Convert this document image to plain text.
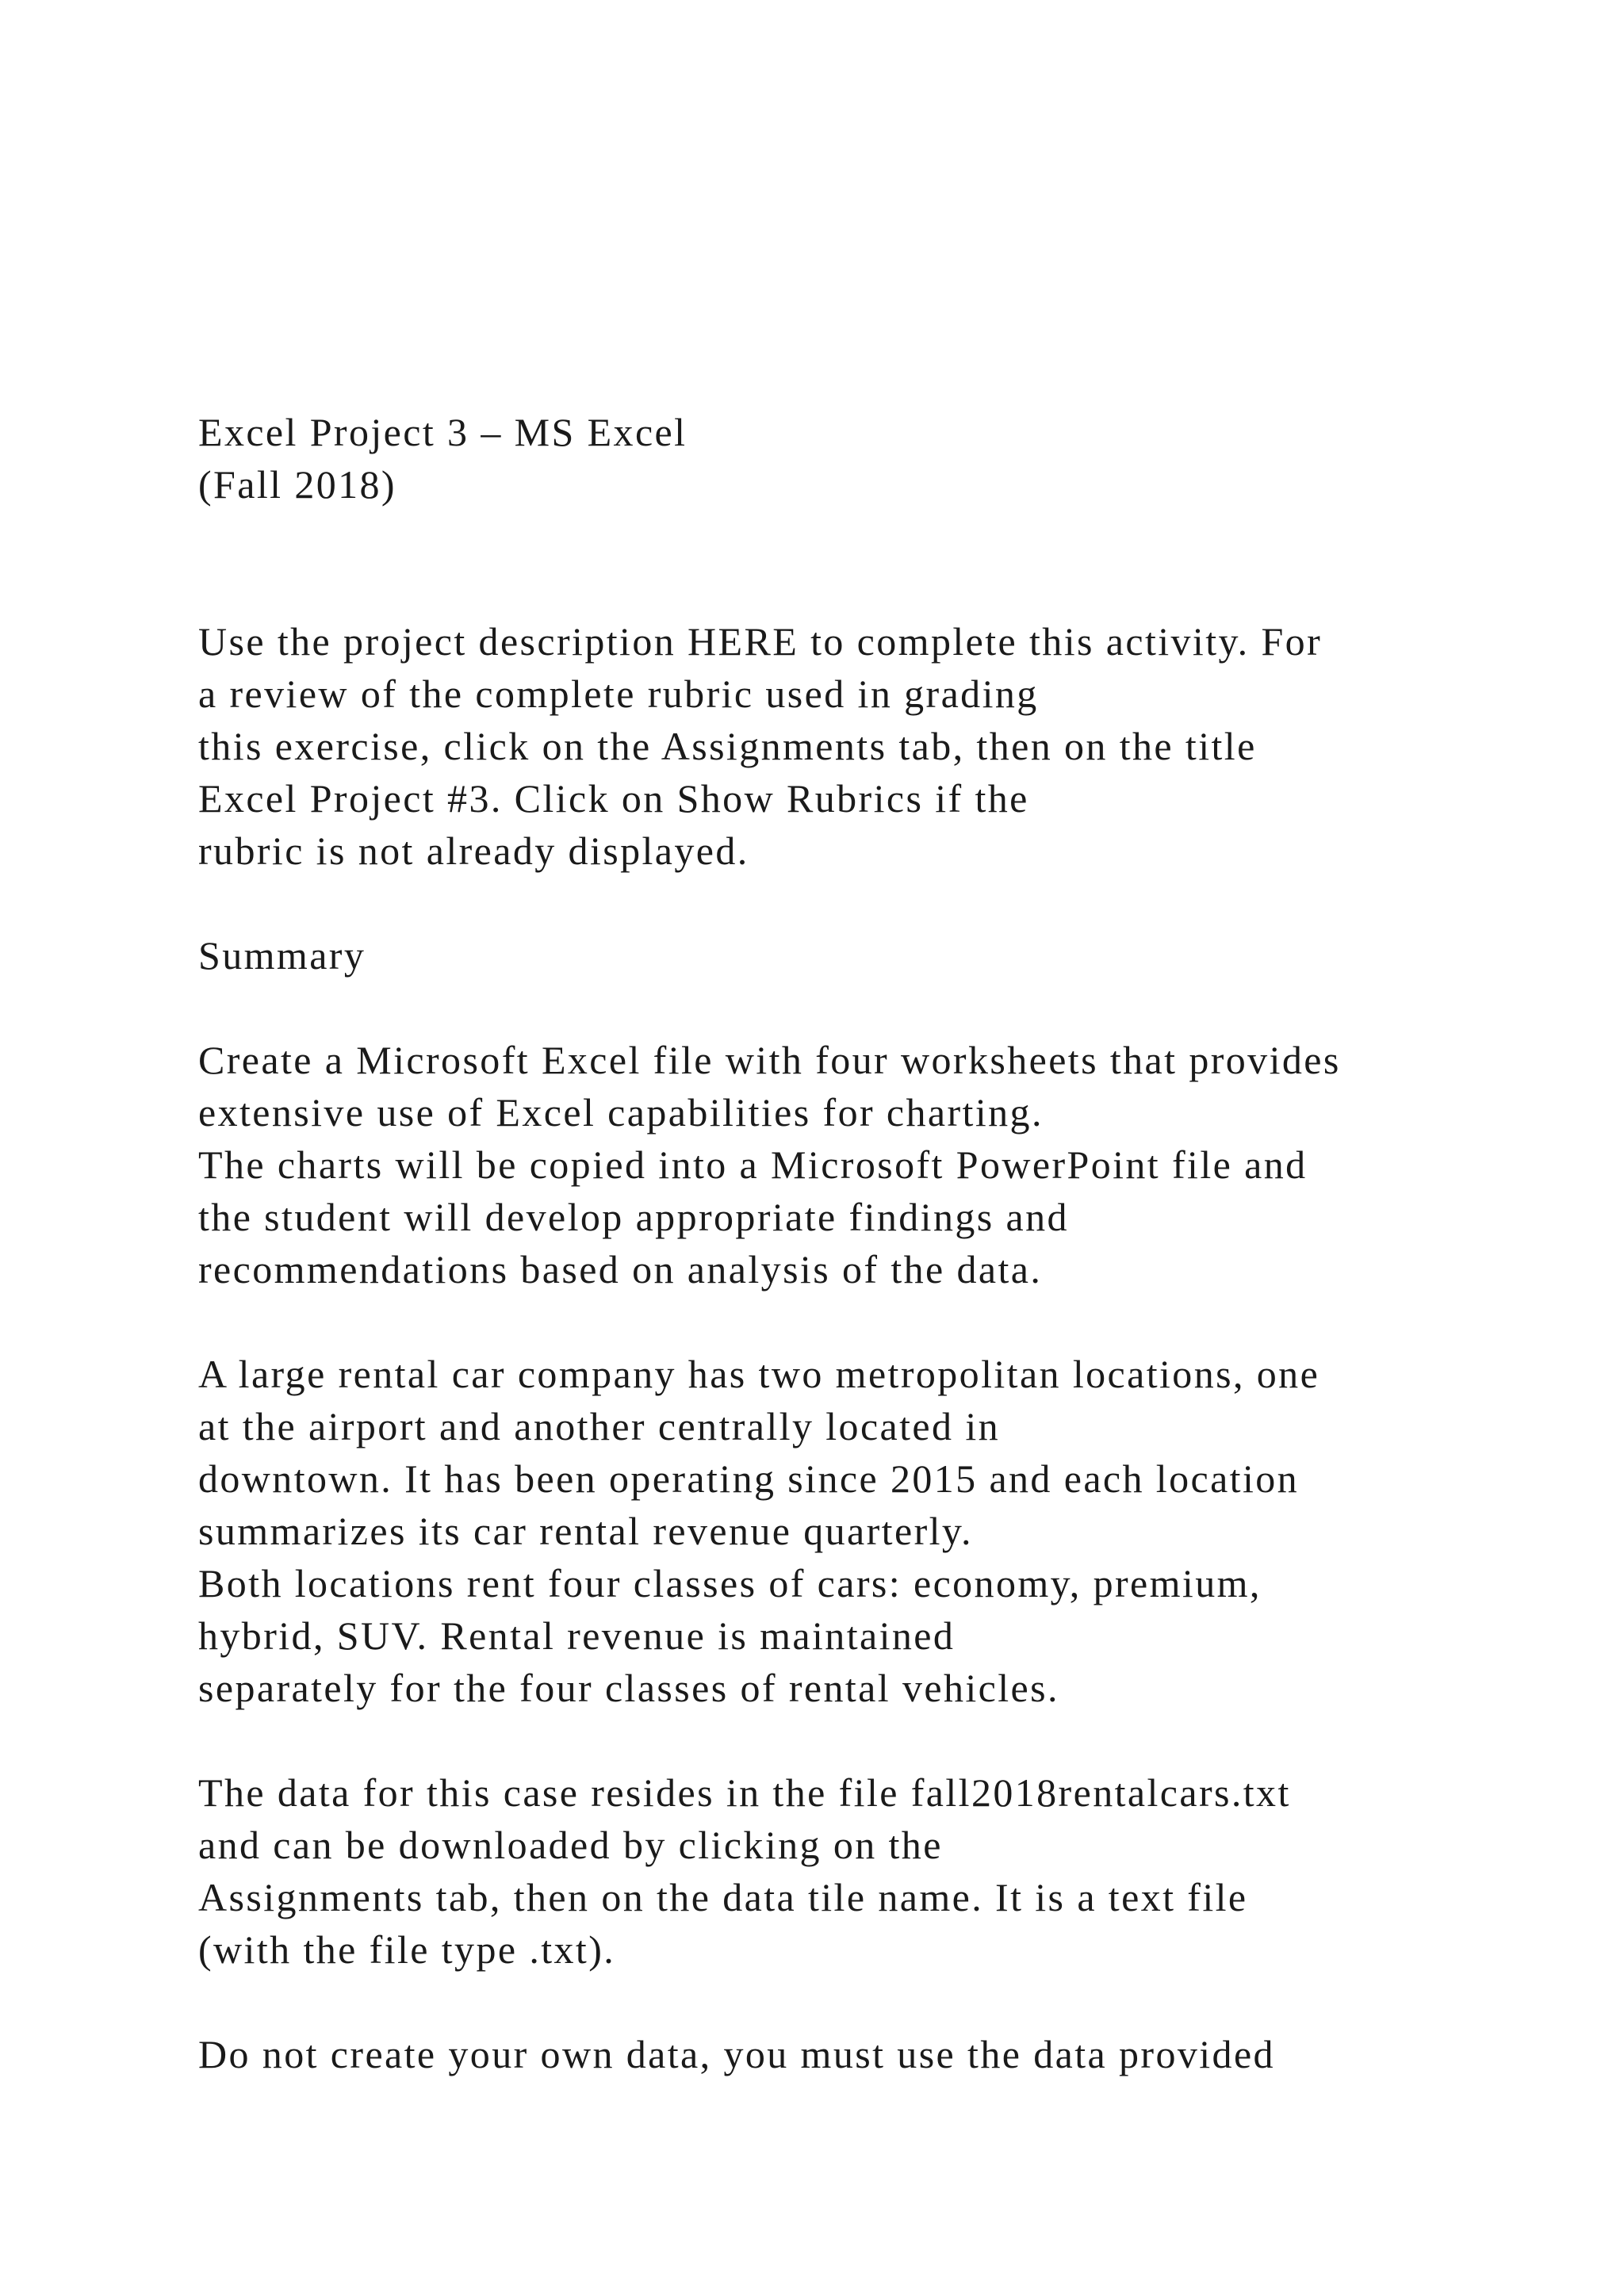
Excel Project 3 – MS Excel
(Fall 2018)
Use the project description HERE to complete this activity. For
a review of the complete rubric used in grading
this exercise, click on the Assignments tab, then on the title
Excel Project #3. Click on Show Rubrics if the
rubric is not already displayed.
Summary
Create a Microsoft Excel file with four worksheets that provides
extensive use of Excel capabilities for charting.
The charts will be copied into a Microsoft PowerPoint file and
the student will develop appropriate findings and
recommendations based on analysis of the data.
A large rental car company has two metropolitan locations, one
at the airport and another centrally located in
downtown. It has been operating since 2015 and each location
summarizes its car rental revenue quarterly.
Both locations rent four classes of cars: economy, premium,
hybrid, SUV. Rental revenue is maintained
separately for the four classes of rental vehicles.
The data for this case resides in the file fall2018rentalcars.txt
and can be downloaded by clicking on the
Assignments tab, then on the data tile name. It is a text file
(with the file type .txt).
Do not create your own data, you must use the data provided
